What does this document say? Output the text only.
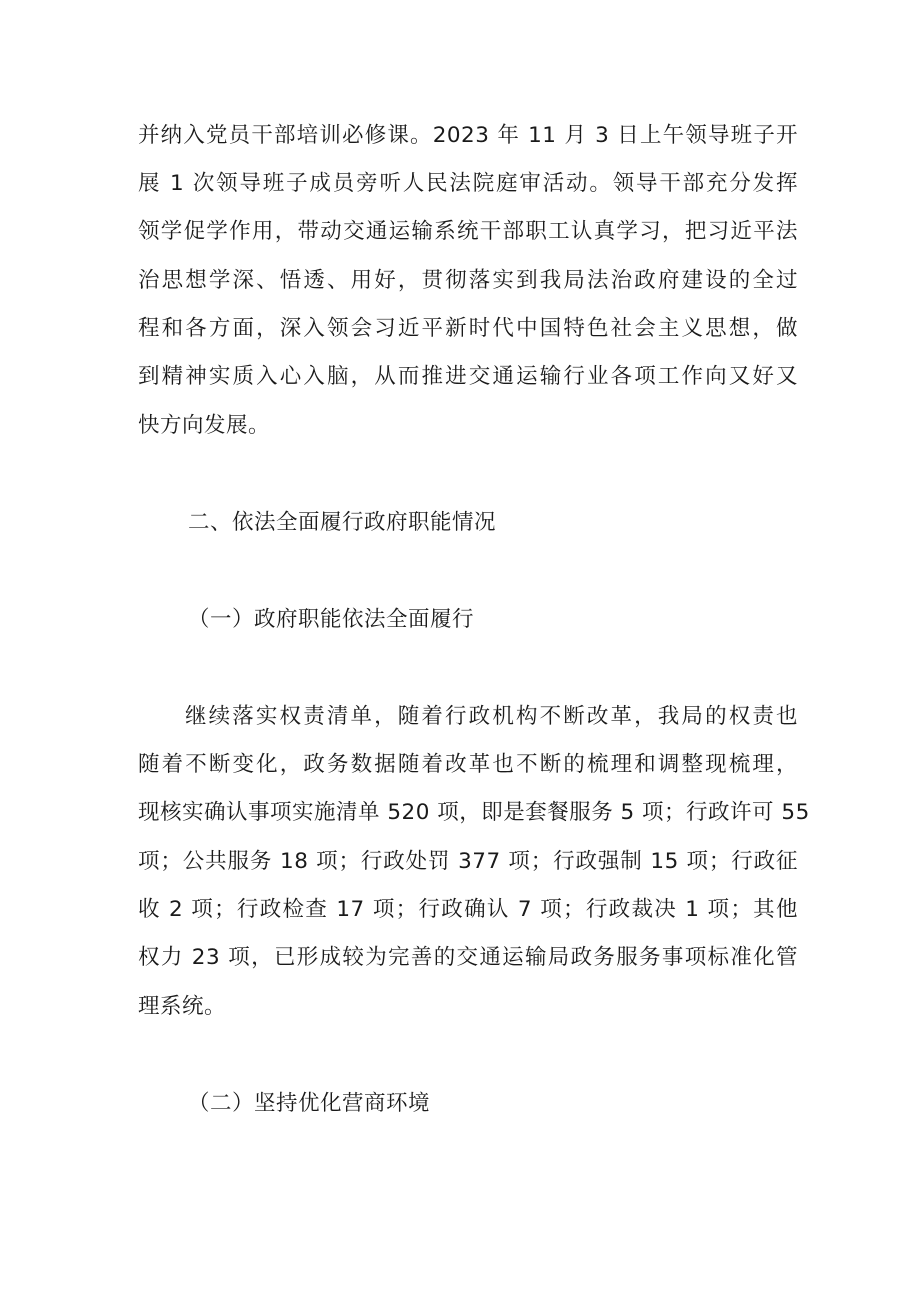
并纳入党员干部培训必修课。2023 年 11 月 3 日上午领导班子开
展 1 次领导班子成员旁听人民法院庭审活动。领导干部充分发挥
领学促学作用，带动交通运输系统干部职工认真学习，把习近平法
治思想学深、悟透、用好，贯彻落实到我局法治政府建设的全过
程和各方面，深入领会习近平新时代中国特色社会主义思想，做
到精神实质入心入脑，从而推进交通运输行业各项工作向又好又
快方向发展。
二、依法全面履行政府职能情况
（一）政府职能依法全面履行
继续落实权责清单，随着行政机构不断改革，我局的权责也
随着不断变化，政务数据随着改革也不断的梳理和调整现梳理，
现核实确认事项实施清单 520 项，即是套餐服务 5 项；行政许可 55
项；公共服务 18 项；行政处罚 377 项；行政强制 15 项；行政征
收 2 项；行政检查 17 项；行政确认 7 项；行政裁决 1 项；其他
权力 23 项，已形成较为完善的交通运输局政务服务事项标准化管
理系统。
（二）坚持优化营商环境
